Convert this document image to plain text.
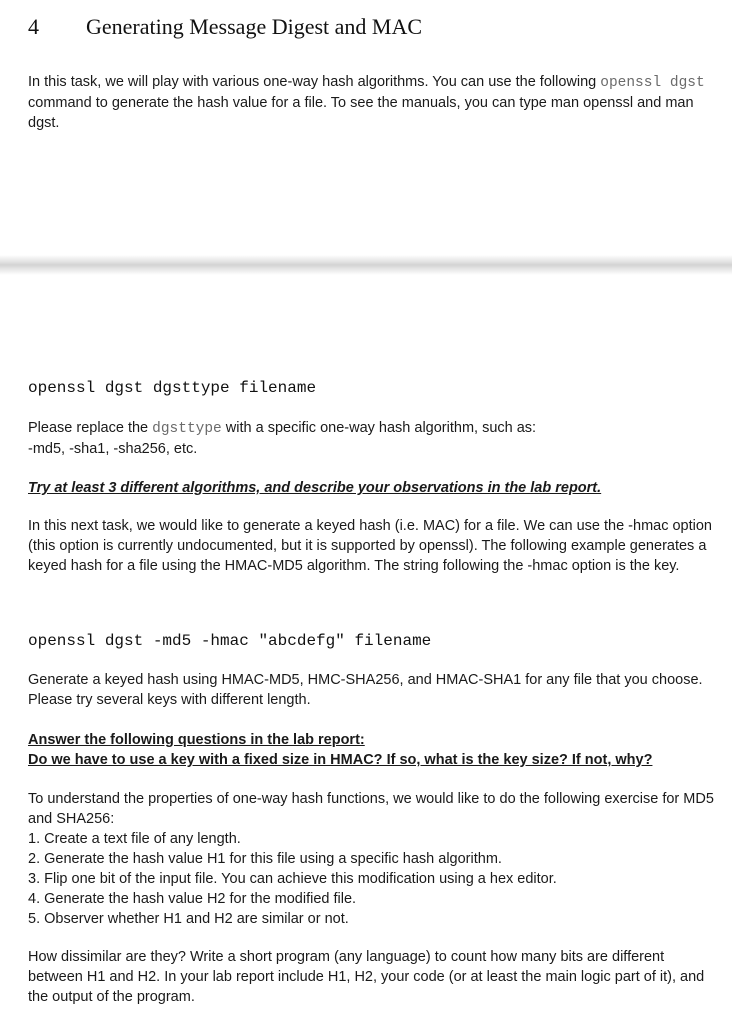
4 Generating Message Digest and MAC
In this task, we will play with various one-way hash algorithms. You can use the following openssl dgst command to generate the hash value for a file. To see the manuals, you can type man openssl and man dgst.
openssl dgst dgsttype filename
Please replace the dgsttype with a specific one-way hash algorithm, such as:
-md5, -sha1, -sha256, etc.
Try at least 3 different algorithms, and describe your observations in the lab report.
In this next task, we would like to generate a keyed hash (i.e. MAC) for a file. We can use the -hmac option (this option is currently undocumented, but it is supported by openssl). The following example generates a keyed hash for a file using the HMAC-MD5 algorithm. The string following the -hmac option is the key.
openssl dgst -md5 -hmac "abcdefg" filename
Generate a keyed hash using HMAC-MD5, HMC-SHA256, and HMAC-SHA1 for any file that you choose. Please try several keys with different length.
Answer the following questions in the lab report:
Do we have to use a key with a fixed size in HMAC? If so, what is the key size? If not, why?
To understand the properties of one-way hash functions, we would like to do the following exercise for MD5 and SHA256:
1. Create a text file of any length.
2. Generate the hash value H1 for this file using a specific hash algorithm.
3. Flip one bit of the input file. You can achieve this modification using a hex editor.
4. Generate the hash value H2 for the modified file.
5. Observer whether H1 and H2 are similar or not.
How dissimilar are they? Write a short program (any language) to count how many bits are different between H1 and H2. In your lab report include H1, H2, your code (or at least the main logic part of it), and the output of the program.
